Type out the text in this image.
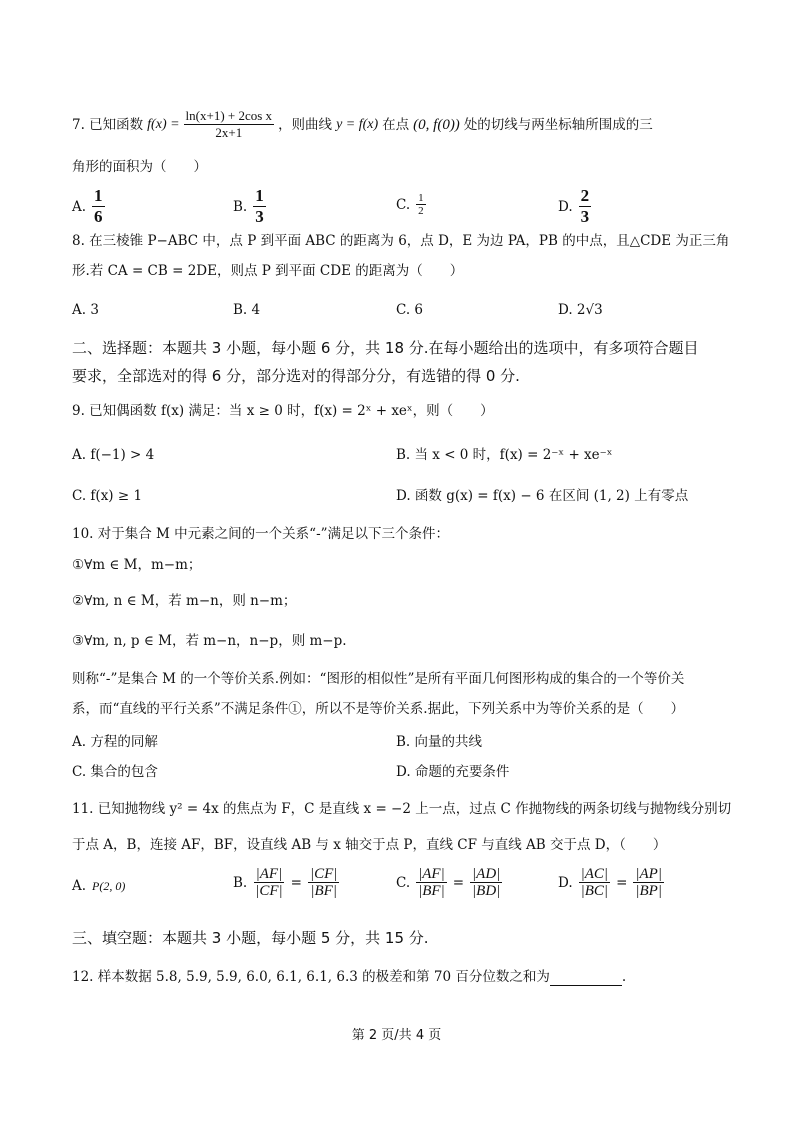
7. 已知函数 $f(x) = \frac{\text{ln(x+1) + 2cos x}}{2x+1}$ ，则曲线 y = f(x) 在点 (0, f(0)) 处的切线与两坐标轴所围成的三
角形的面积为（　　）
A. $\frac{1}{6}$	B. $\frac{1}{3}$	C. $\frac{1}{2}$	D. $\frac{2}{3}$
8. 在三棱锥 P−ABC 中，点 P 到平面 ABC 的距离为 6，点 D，E 为边 PA，PB 的中点，且△CDE 为正三角
形.若 CA = CB = 2DE，则点 P 到平面 CDE 的距离为（　　）
A. 3	B. 4	C. 6	D. 2√3
二、选择题：本题共 3 小题，每小题 6 分，共 18 分.在每小题给出的选项中，有多项符合题目
要求，全部选对的得 6 分，部分选对的得部分分，有选错的得 0 分.
9. 已知偶函数 f(x) 满足：当 x ≥ 0 时，f(x) = 2ˣ + xeˣ，则（　　）
A. f(−1) > 4	B. 当 x < 0 时，f(x) = 2⁻ˣ + xe⁻ˣ
C. f(x) ≥ 1	D. 函数 g(x) = f(x) − 6 在区间 (1, 2) 上有零点
10. 对于集合 M 中元素之间的一个关系“-”满足以下三个条件：
①∀m ∈ M，m−m；
②∀m, n ∈ M，若 m−n，则 n−m；
③∀m, n, p ∈ M，若 m−n，n−p，则 m−p.
则称“-”是集合 M 的一个等价关系.例如：“图形的相似性”是所有平面几何图形构成的集合的一个等价关
系，而“直线的平行关系”不满足条件①，所以不是等价关系.据此，下列关系中为等价关系的是（　　）
A. 方程的同解	B. 向量的共线
C. 集合的包含	D. 命题的充要条件
11. 已知抛物线 y² = 4x 的焦点为 F，C 是直线 x = −2 上一点，过点 C 作抛物线的两条切线与抛物线分别切
于点 A，B，连接 AF，BF，设直线 AB 与 x 轴交于点 P，直线 CF 与直线 AB 交于点 D，（　　）
A. P(2, 0)	B. $\frac{|AF|}{|CF|} = \frac{|CF|}{|BF|}$	C. $\frac{|AF|}{|BF|} = \frac{|AD|}{|BD|}$	D. $\frac{|AC|}{|BC|} = \frac{|AP|}{|BP|}$
三、填空题：本题共 3 小题，每小题 5 分，共 15 分.
12. 样本数据 5.8, 5.9, 5.9, 6.0, 6.1, 6.1, 6.3 的极差和第 70 百分位数之和为	.
第 2 页/共 4 页
